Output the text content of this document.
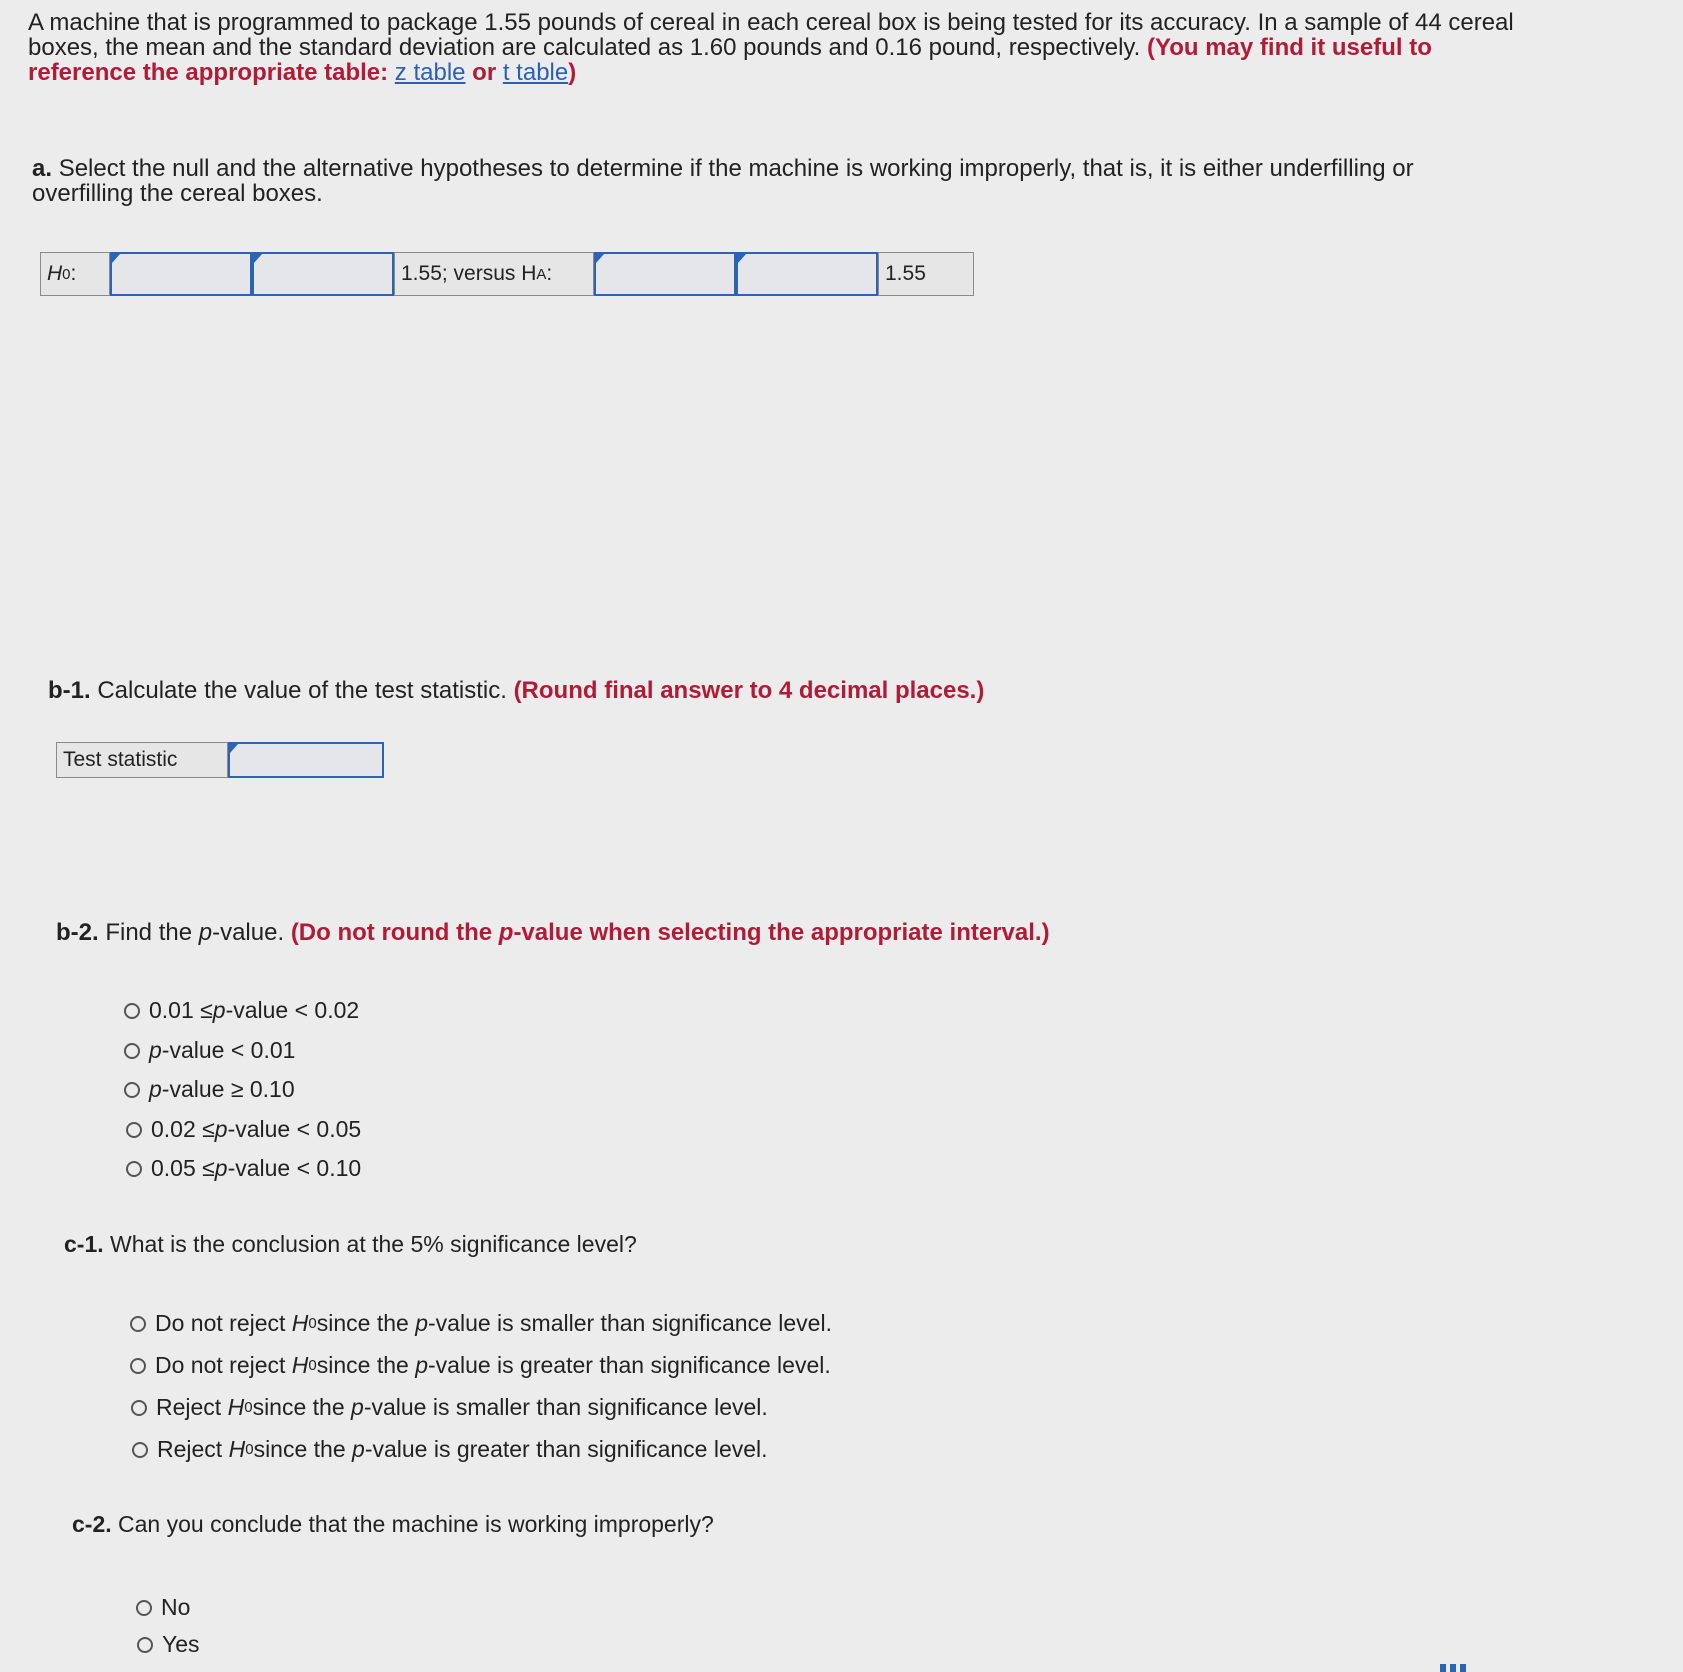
A machine that is programmed to package 1.55 pounds of cereal in each cereal box is being tested for its accuracy. In a sample of 44 cereal boxes, the mean and the standard deviation are calculated as 1.60 pounds and 0.16 pound, respectively. (You may find it useful to reference the appropriate table: z table or t table)
a. Select the null and the alternative hypotheses to determine if the machine is working improperly, that is, it is either underfilling or overfilling the cereal boxes.
H 0 :	1.55; versus H A :	1.55
b-1. Calculate the value of the test statistic. (Round final answer to 4 decimal places.)
Test statistic
b-2. Find the p-value. (Do not round the p-value when selecting the appropriate interval.)
0.01 ≤ p -value < 0.02
p -value < 0.01
p -value ≥ 0.10
0.02 ≤ p -value < 0.05
0.05 ≤ p -value < 0.10
c-1. What is the conclusion at the 5% significance level?
Do not reject
H 0 since the
p -value is smaller than significance level.
Do not reject
H 0 since the
p -value is greater than significance level.
Reject
H 0 since the
p -value is smaller than significance level.
Reject
H 0 since the
p -value is greater than significance level.
c-2. Can you conclude that the machine is working improperly?
No
Yes
